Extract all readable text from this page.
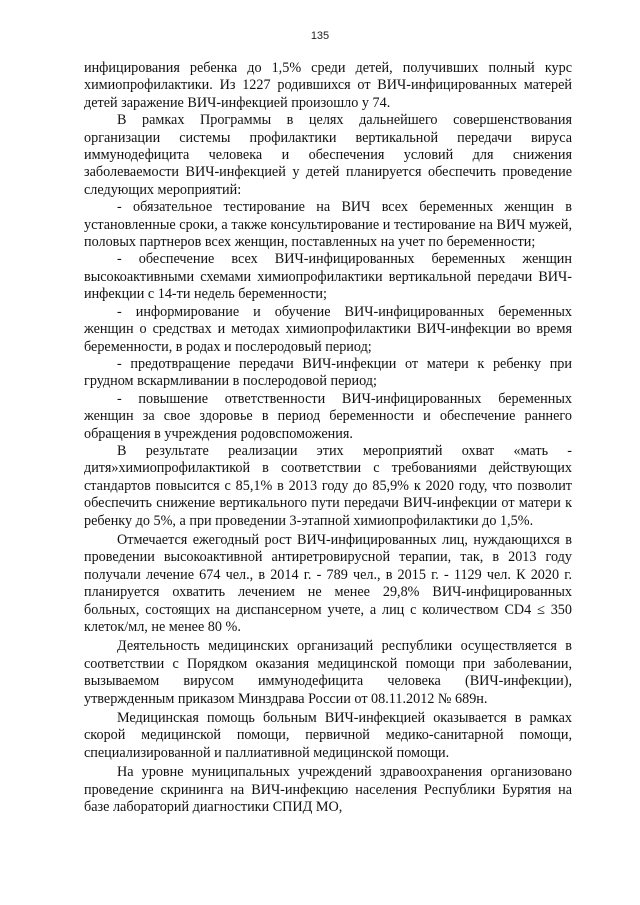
135

инфицирования ребенка до 1,5% среди детей, получивших полный курс химиопрофилактики. Из 1227 родившихся от ВИЧ-инфицированных матерей детей заражение ВИЧ-инфекцией произошло у 74.

В рамках Программы в целях дальнейшего совершенствования организации системы профилактики вертикальной передачи вируса иммунодефицита человека и обеспечения условий для снижения заболеваемости ВИЧ-инфекцией у детей планируется обеспечить проведение следующих мероприятий:

- обязательное тестирование на ВИЧ всех беременных женщин в установленные сроки, а также консультирование и тестирование на ВИЧ мужей, половых партнеров всех женщин, поставленных на учет по беременности;

- обеспечение всех ВИЧ-инфицированных беременных женщин высокоактивными схемами химиопрофилактики вертикальной передачи ВИЧ-инфекции с 14-ти недель беременности;

- информирование и обучение ВИЧ-инфицированных беременных женщин о средствах и методах химиопрофилактики ВИЧ-инфекции во время беременности, в родах и послеродовый период;

- предотвращение передачи ВИЧ-инфекции от матери к ребенку при грудном вскармливании в послеродовой период;

- повышение ответственности ВИЧ-инфицированных беременных женщин за свое здоровье в период беременности и обеспечение раннего обращения в учреждения родовспоможения.

В результате реализации этих мероприятий охват «мать - дитя»химиопрофилактикой в соответствии с требованиями действующих стандартов повысится с 85,1% в 2013 году до 85,9% к 2020 году, что позволит обеспечить снижение вертикального пути передачи ВИЧ-инфекции от матери к ребенку до 5%, а при проведении 3-этапной химиопрофилактики до 1,5%.

Отмечается ежегодный рост ВИЧ-инфицированных лиц, нуждающихся в проведении высокоактивной антиретровирусной терапии, так, в 2013 году получали лечение 674 чел., в 2014 г. - 789 чел., в 2015 г. - 1129 чел. К 2020 г. планируется охватить лечением не менее 29,8% ВИЧ-инфицированных больных, состоящих на диспансерном учете, а лиц с количеством CD4 ≤ 350 клеток/мл, не менее 80 %.

Деятельность медицинских организаций республики осуществляется в соответствии с Порядком оказания медицинской помощи при заболевании, вызываемом вирусом иммунодефицита человека (ВИЧ-инфекции), утвержденным приказом Минздрава России от 08.11.2012 № 689н.

Медицинская помощь больным ВИЧ-инфекцией оказывается в рамках скорой медицинской помощи, первичной медико-санитарной помощи, специализированной и паллиативной медицинской помощи.

На уровне муниципальных учреждений здравоохранения организовано проведение скрининга на ВИЧ-инфекцию населения Республики Бурятия на базе лабораторий диагностики СПИД МО,
